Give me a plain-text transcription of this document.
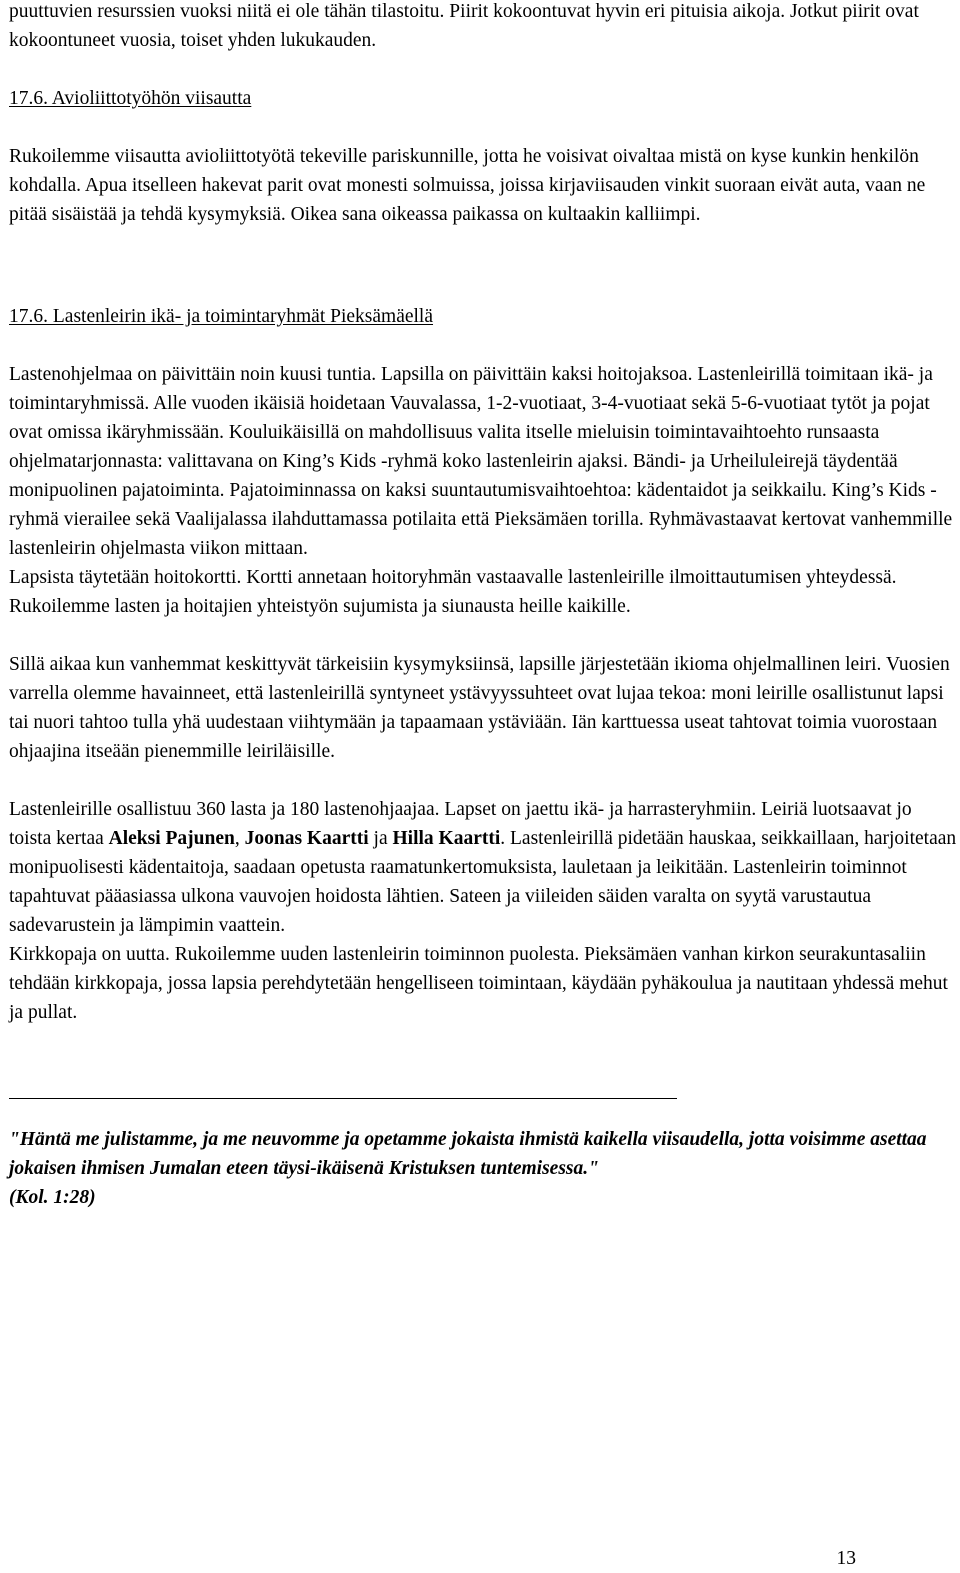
puuttuvien resurssien vuoksi niitä ei ole tähän tilastoitu. Piirit kokoontuvat hyvin eri pituisia aikoja. Jotkut piirit ovat kokoontuneet vuosia, toiset yhden lukukauden.

17.6. Avioliittotyöhön viisautta

Rukoilemme viisautta avioliittotyötä tekeville pariskunnille, jotta he voisivat oivaltaa mistä on kyse kunkin henkilön kohdalla. Apua itselleen hakevat parit ovat monesti solmuissa, joissa kirjaviisauden vinkit suoraan eivät auta, vaan ne pitää sisäistää ja tehdä kysymyksiä. Oikea sana oikeassa paikassa on kultaakin kalliimpi.

17.6. Lastenleirin ikä- ja toimintaryhmät Pieksämäellä

Lastenohjelmaa on päivittäin noin kuusi tuntia. Lapsilla on päivittäin kaksi hoitojaksoa. Lastenleirillä toimitaan ikä- ja toimintaryhmissä. Alle vuoden ikäisiä hoidetaan Vauvalassa, 1-2-vuotiaat, 3-4-vuotiaat sekä 5-6-vuotiaat tytöt ja pojat ovat omissa ikäryhmissään. Kouluikäisillä on mahdollisuus valita itselle mieluisin toimintavaihtoehto runsaasta ohjelmatarjonnasta: valittavana on King’s Kids -ryhmä koko lastenleirin ajaksi. Bändi- ja Urheiluleirejä täydentää monipuolinen pajatoiminta. Pajatoiminnassa on kaksi suuntautumisvaihtoehtoa: kädentaidot ja seikkailu. King’s Kids -ryhmä vierailee sekä Vaalijalassa ilahduttamassa potilaita että Pieksämäen torilla. Ryhmävastaavat kertovat vanhemmille lastenleirin ohjelmasta viikon mittaan.

Lapsista täytetään hoitokortti. Kortti annetaan hoitoryhmän vastaavalle lastenleirille ilmoittautumisen yhteydessä. Rukoilemme lasten ja hoitajien yhteistyön sujumista ja siunausta heille kaikille.

Sillä aikaa kun vanhemmat keskittyvät tärkeisiin kysymyksiinsä, lapsille järjestetään ikioma ohjelmallinen leiri. Vuosien varrella olemme havainneet, että lastenleirillä syntyneet ystävyyssuhteet ovat lujaa tekoa: moni leirille osallistunut lapsi tai nuori tahtoo tulla yhä uudestaan viihtymään ja tapaamaan ystäviään. Iän karttuessa useat tahtovat toimia vuorostaan ohjaajina itseään pienemmille leiriläisille.

Lastenleirille osallistuu 360 lasta ja 180 lastenohjaajaa. Lapset on jaettu ikä- ja harrasteryhmiin. Leiriä luotsaavat jo toista kertaa Aleksi Pajunen, Joonas Kaartti ja Hilla Kaartti. Lastenleirillä pidetään hauskaa, seikkaillaan, harjoitetaan monipuolisesti kädentaitoja, saadaan opetusta raamatunkertomuksista, lauletaan ja leikitään. Lastenleirin toiminnot tapahtuvat pääasiassa ulkona vauvojen hoidosta lähtien. Sateen ja viileiden säiden varalta on syytä varustautua sadevarustein ja lämpimin vaattein.

Kirkkopaja on uutta. Rukoilemme uuden lastenleirin toiminnon puolesta. Pieksämäen vanhan kirkon seurakuntasaliin tehdään kirkkopaja, jossa lapsia perehdytetään hengelliseen toimintaan, käydään pyhäkoulua ja nautitaan yhdessä mehut ja pullat.

"Häntä me julistamme, ja me neuvomme ja opetamme jokaista ihmistä kaikella viisaudella, jotta voisimme asettaa jokaisen ihmisen Jumalan eteen täysi-ikäisenä Kristuksen tuntemisessa."

(Kol. 1:28)

13
